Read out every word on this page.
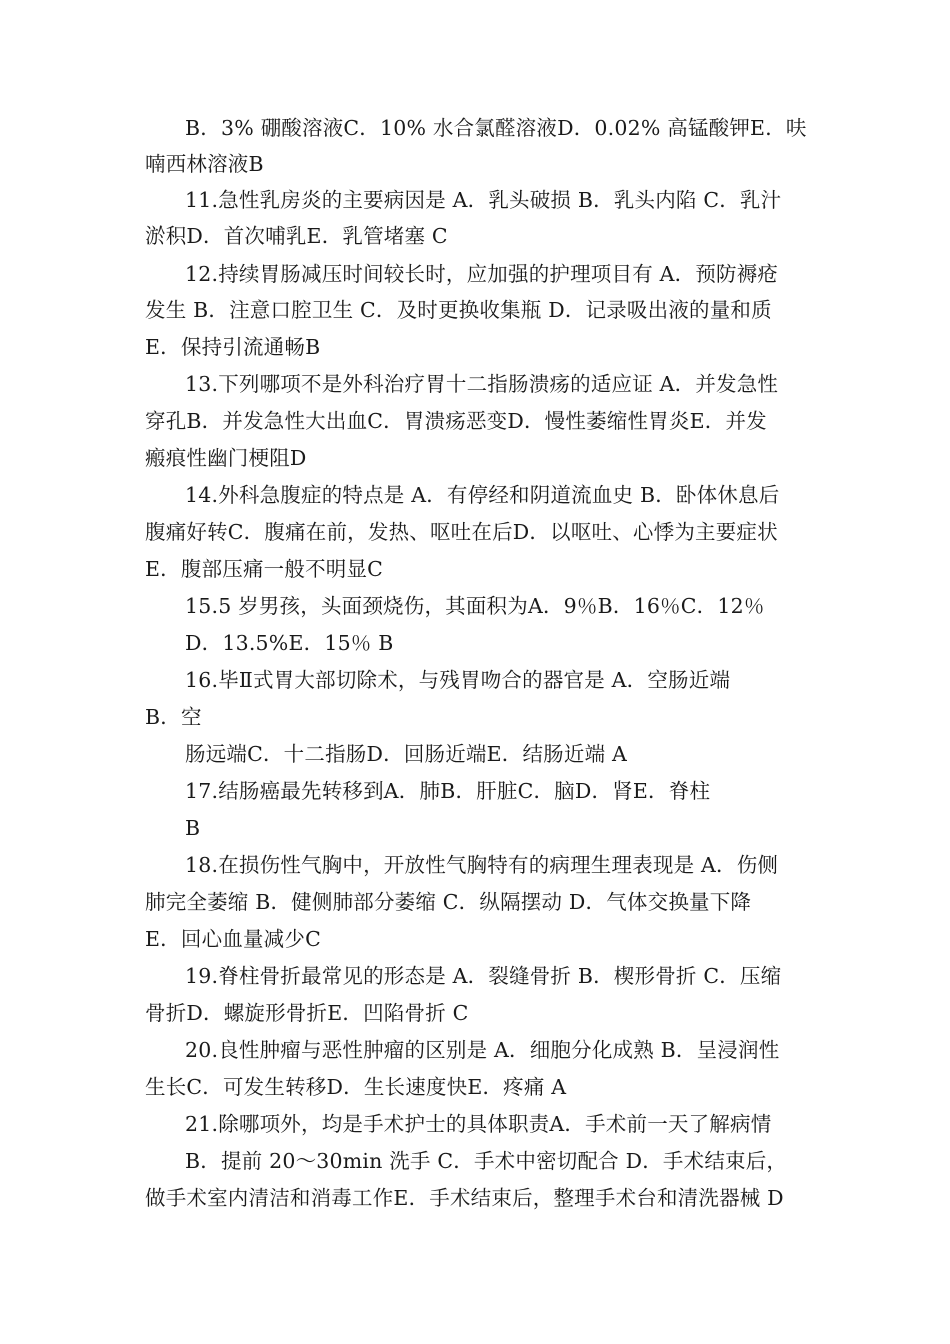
B．3% 硼酸溶液C．10% 水合氯醛溶液D．0.02% 高锰酸钾E．呋
喃西林溶液B
11.急性乳房炎的主要病因是 A．乳头破损 B．乳头内陷 C．乳汁
淤积D．首次哺乳E．乳管堵塞 C
12.持续胃肠减压时间较长时，应加强的护理项目有 A．预防褥疮
发生 B．注意口腔卫生 C．及时更换收集瓶 D．记录吸出液的量和质
E．保持引流通畅B
13.下列哪项不是外科治疗胃十二指肠溃疡的适应证 A．并发急性
穿孔B．并发急性大出血C．胃溃疡恶变D．慢性萎缩性胃炎E．并发
瘢痕性幽门梗阻D
14.外科急腹症的特点是 A．有停经和阴道流血史 B．卧体休息后
腹痛好转C．腹痛在前，发热、呕吐在后D．以呕吐、心悸为主要症状
E．腹部压痛一般不明显C
15.5 岁男孩，头面颈烧伤，其面积为A．9％B．16％C．12％
D．13.5%E．15％ B
16.毕Ⅱ式胃大部切除术，与残胃吻合的器官是 A．空肠近端
B．空
肠远端C．十二指肠D．回肠近端E．结肠近端 A
17.结肠癌最先转移到A．肺B．肝脏C．脑D．肾E．脊柱
B
18.在损伤性气胸中，开放性气胸特有的病理生理表现是 A．伤侧
肺完全萎缩 B．健侧肺部分萎缩 C．纵隔摆动 D．气体交换量下降
E．回心血量减少C
19.脊柱骨折最常见的形态是 A．裂缝骨折 B．楔形骨折 C．压缩
骨折D．螺旋形骨折E．凹陷骨折 C
20.良性肿瘤与恶性肿瘤的区别是 A．细胞分化成熟 B．呈浸润性
生长C．可发生转移D．生长速度快E．疼痛 A
21.除哪项外，均是手术护士的具体职责A．手术前一天了解病情
B．提前 20～30min 洗手 C．手术中密切配合 D．手术结束后，
做手术室内清洁和消毒工作E．手术结束后，整理手术台和清洗器械 D
